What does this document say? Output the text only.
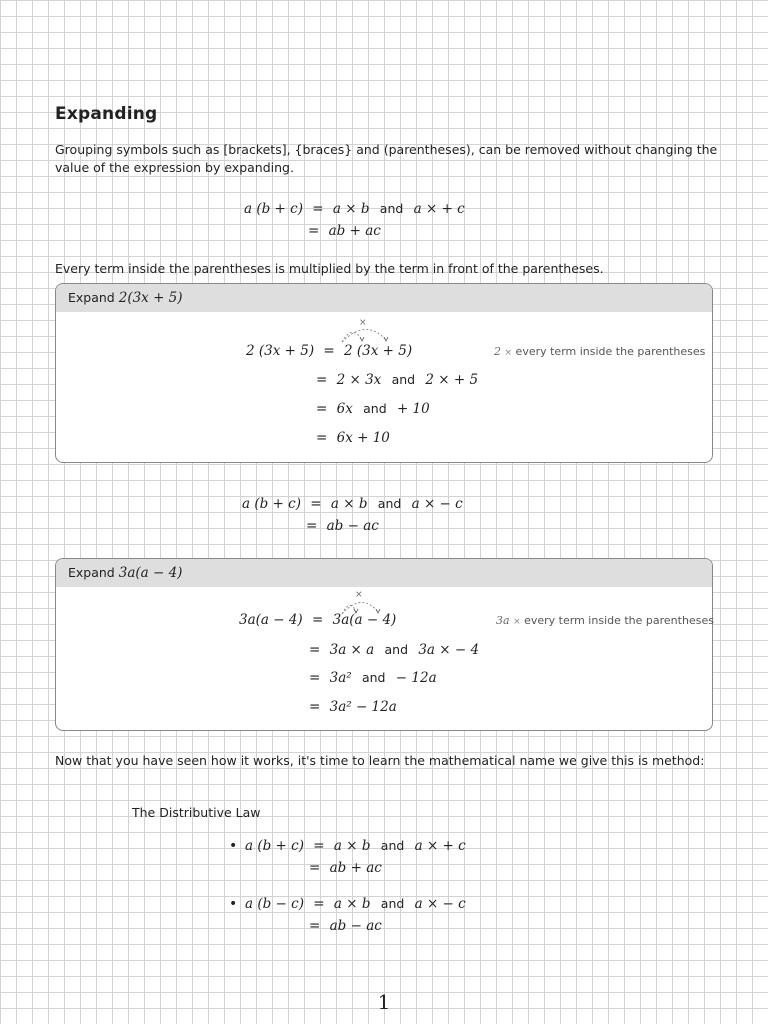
Expanding
Grouping symbols such as [brackets], {braces} and (parentheses), can be removed without changing the value of the expression by expanding.
a (b + c) = a × b and a × + c
= ab + ac
Every term inside the parentheses is multiplied by the term in front of the parentheses.
Expand 2(3x + 5)
×
2 (3x + 5) = 2 (3x + 5)	2 × every term inside the parentheses
= 2 × 3x and 2 × + 5
= 6x and + 10
= 6x + 10
a (b + c) = a × b and a × − c
= ab − ac
Expand 3a(a − 4)
×
3a(a − 4) = 3a(a − 4)	3a × every term inside the parentheses
= 3a × a and 3a × − 4
= 3a² and − 12a
= 3a² − 12a
Now that you have seen how it works, it's time to learn the mathematical name we give this is method:
The Distributive Law
• a (b + c) = a × b and a × + c
= ab + ac
• a (b − c) = a × b and a × − c
= ab − ac
1
